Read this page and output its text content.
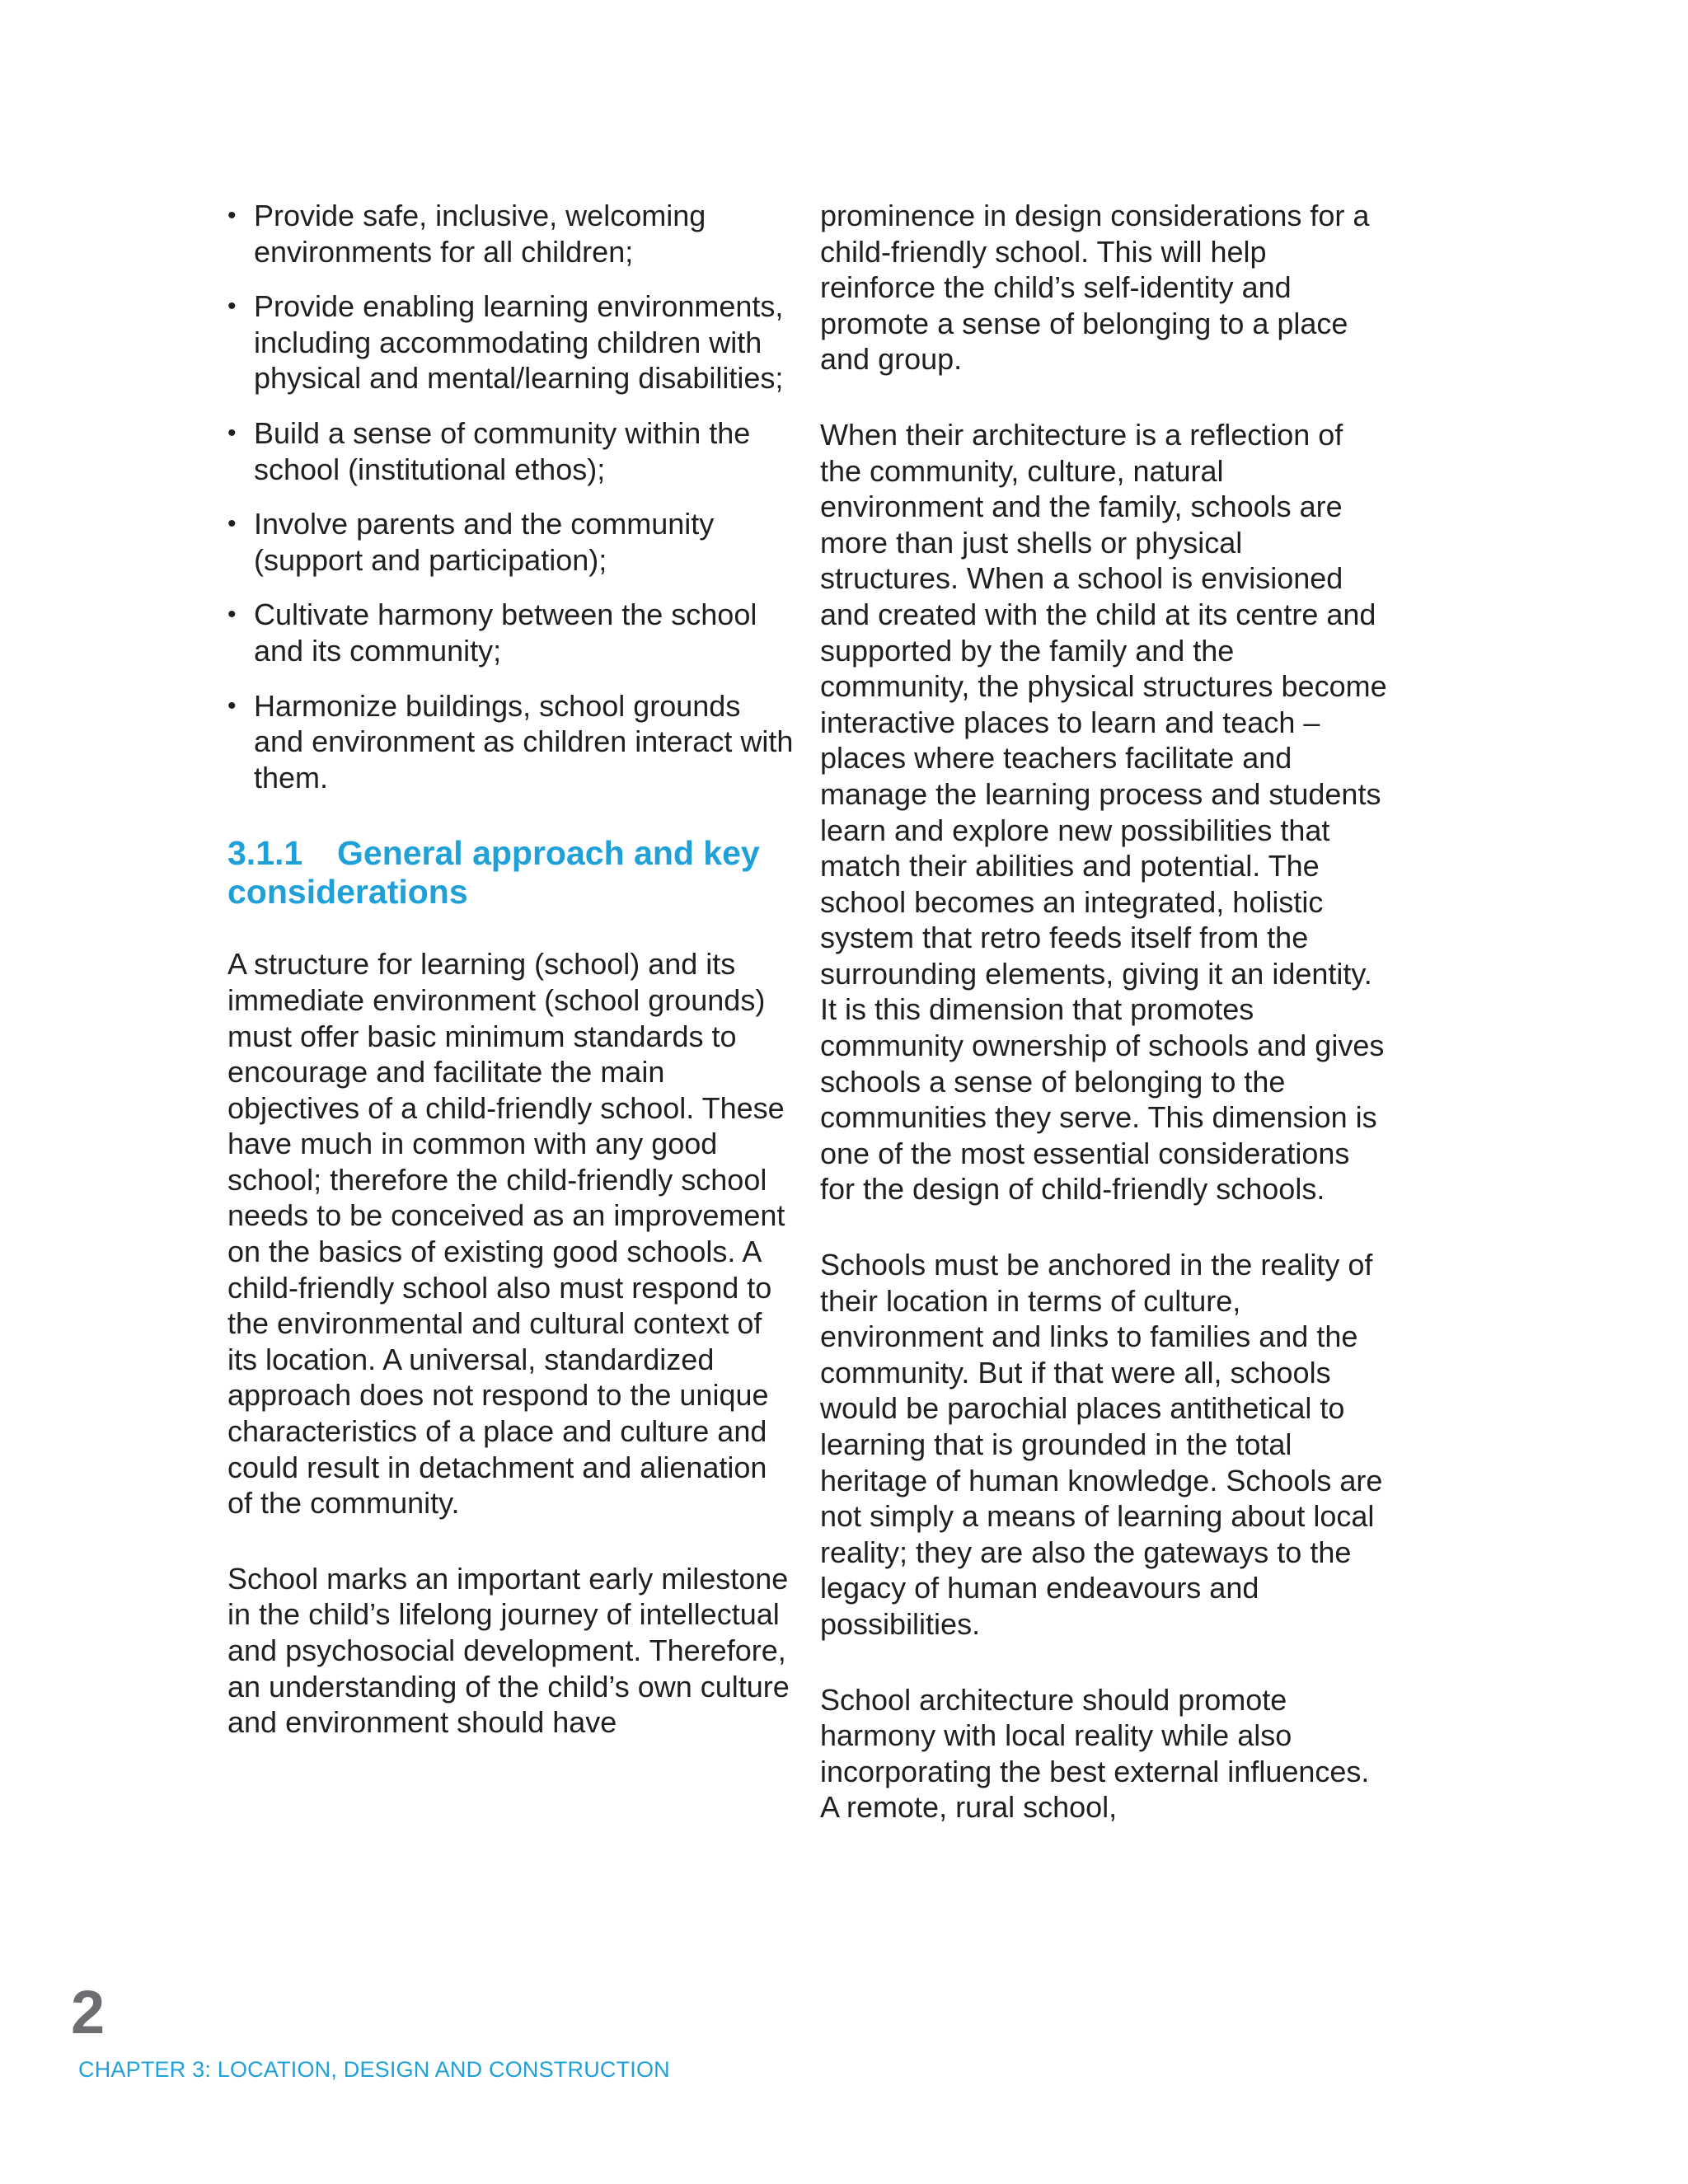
• Provide safe, inclusive, welcoming environments for all children;
• Provide enabling learning environments, including accommodating children with physical and mental/learning disabilities;
• Build a sense of community within the school (institutional ethos);
• Involve parents and the community (support and participation);
• Cultivate harmony between the school and its community;
• Harmonize buildings, school grounds and environment as children interact with them.
3.1.1 General approach and key considerations

A structure for learning (school) and its immediate environment (school grounds) must offer basic minimum standards to encourage and facilitate the main objectives of a child-friendly school. These have much in common with any good school; therefore the child-friendly school needs to be conceived as an improvement on the basics of existing good schools. A child-friendly school also must respond to the environmental and cultural context of its location. A universal, standardized approach does not respond to the unique characteristics of a place and culture and could result in detachment and alienation of the community.

School marks an important early milestone in the child’s lifelong journey of intellectual and psychosocial development. Therefore, an understanding of the child’s own culture and environment should have

prominence in design considerations for a child-friendly school. This will help reinforce the child’s self-identity and promote a sense of belonging to a place and group.

When their architecture is a reflection of the community, culture, natural environment and the family, schools are more than just shells or physical structures. When a school is envisioned and created with the child at its centre and supported by the family and the community, the physical structures become interactive places to learn and teach – places where teachers facilitate and manage the learning process and students learn and explore new possibilities that match their abilities and potential. The school becomes an integrated, holistic system that retro feeds itself from the surrounding elements, giving it an identity. It is this dimension that promotes community ownership of schools and gives schools a sense of belonging to the communities they serve. This dimension is one of the most essential considerations for the design of child-friendly schools.

Schools must be anchored in the reality of their location in terms of culture, environment and links to families and the community. But if that were all, schools would be parochial places antithetical to learning that is grounded in the total heritage of human knowledge. Schools are not simply a means of learning about local reality; they are also the gateways to the legacy of human endeavours and possibilities.

School architecture should promote harmony with local reality while also incorporating the best external influences. A remote, rural school,

2
CHAPTER 3: LOCATION, DESIGN AND CONSTRUCTION
